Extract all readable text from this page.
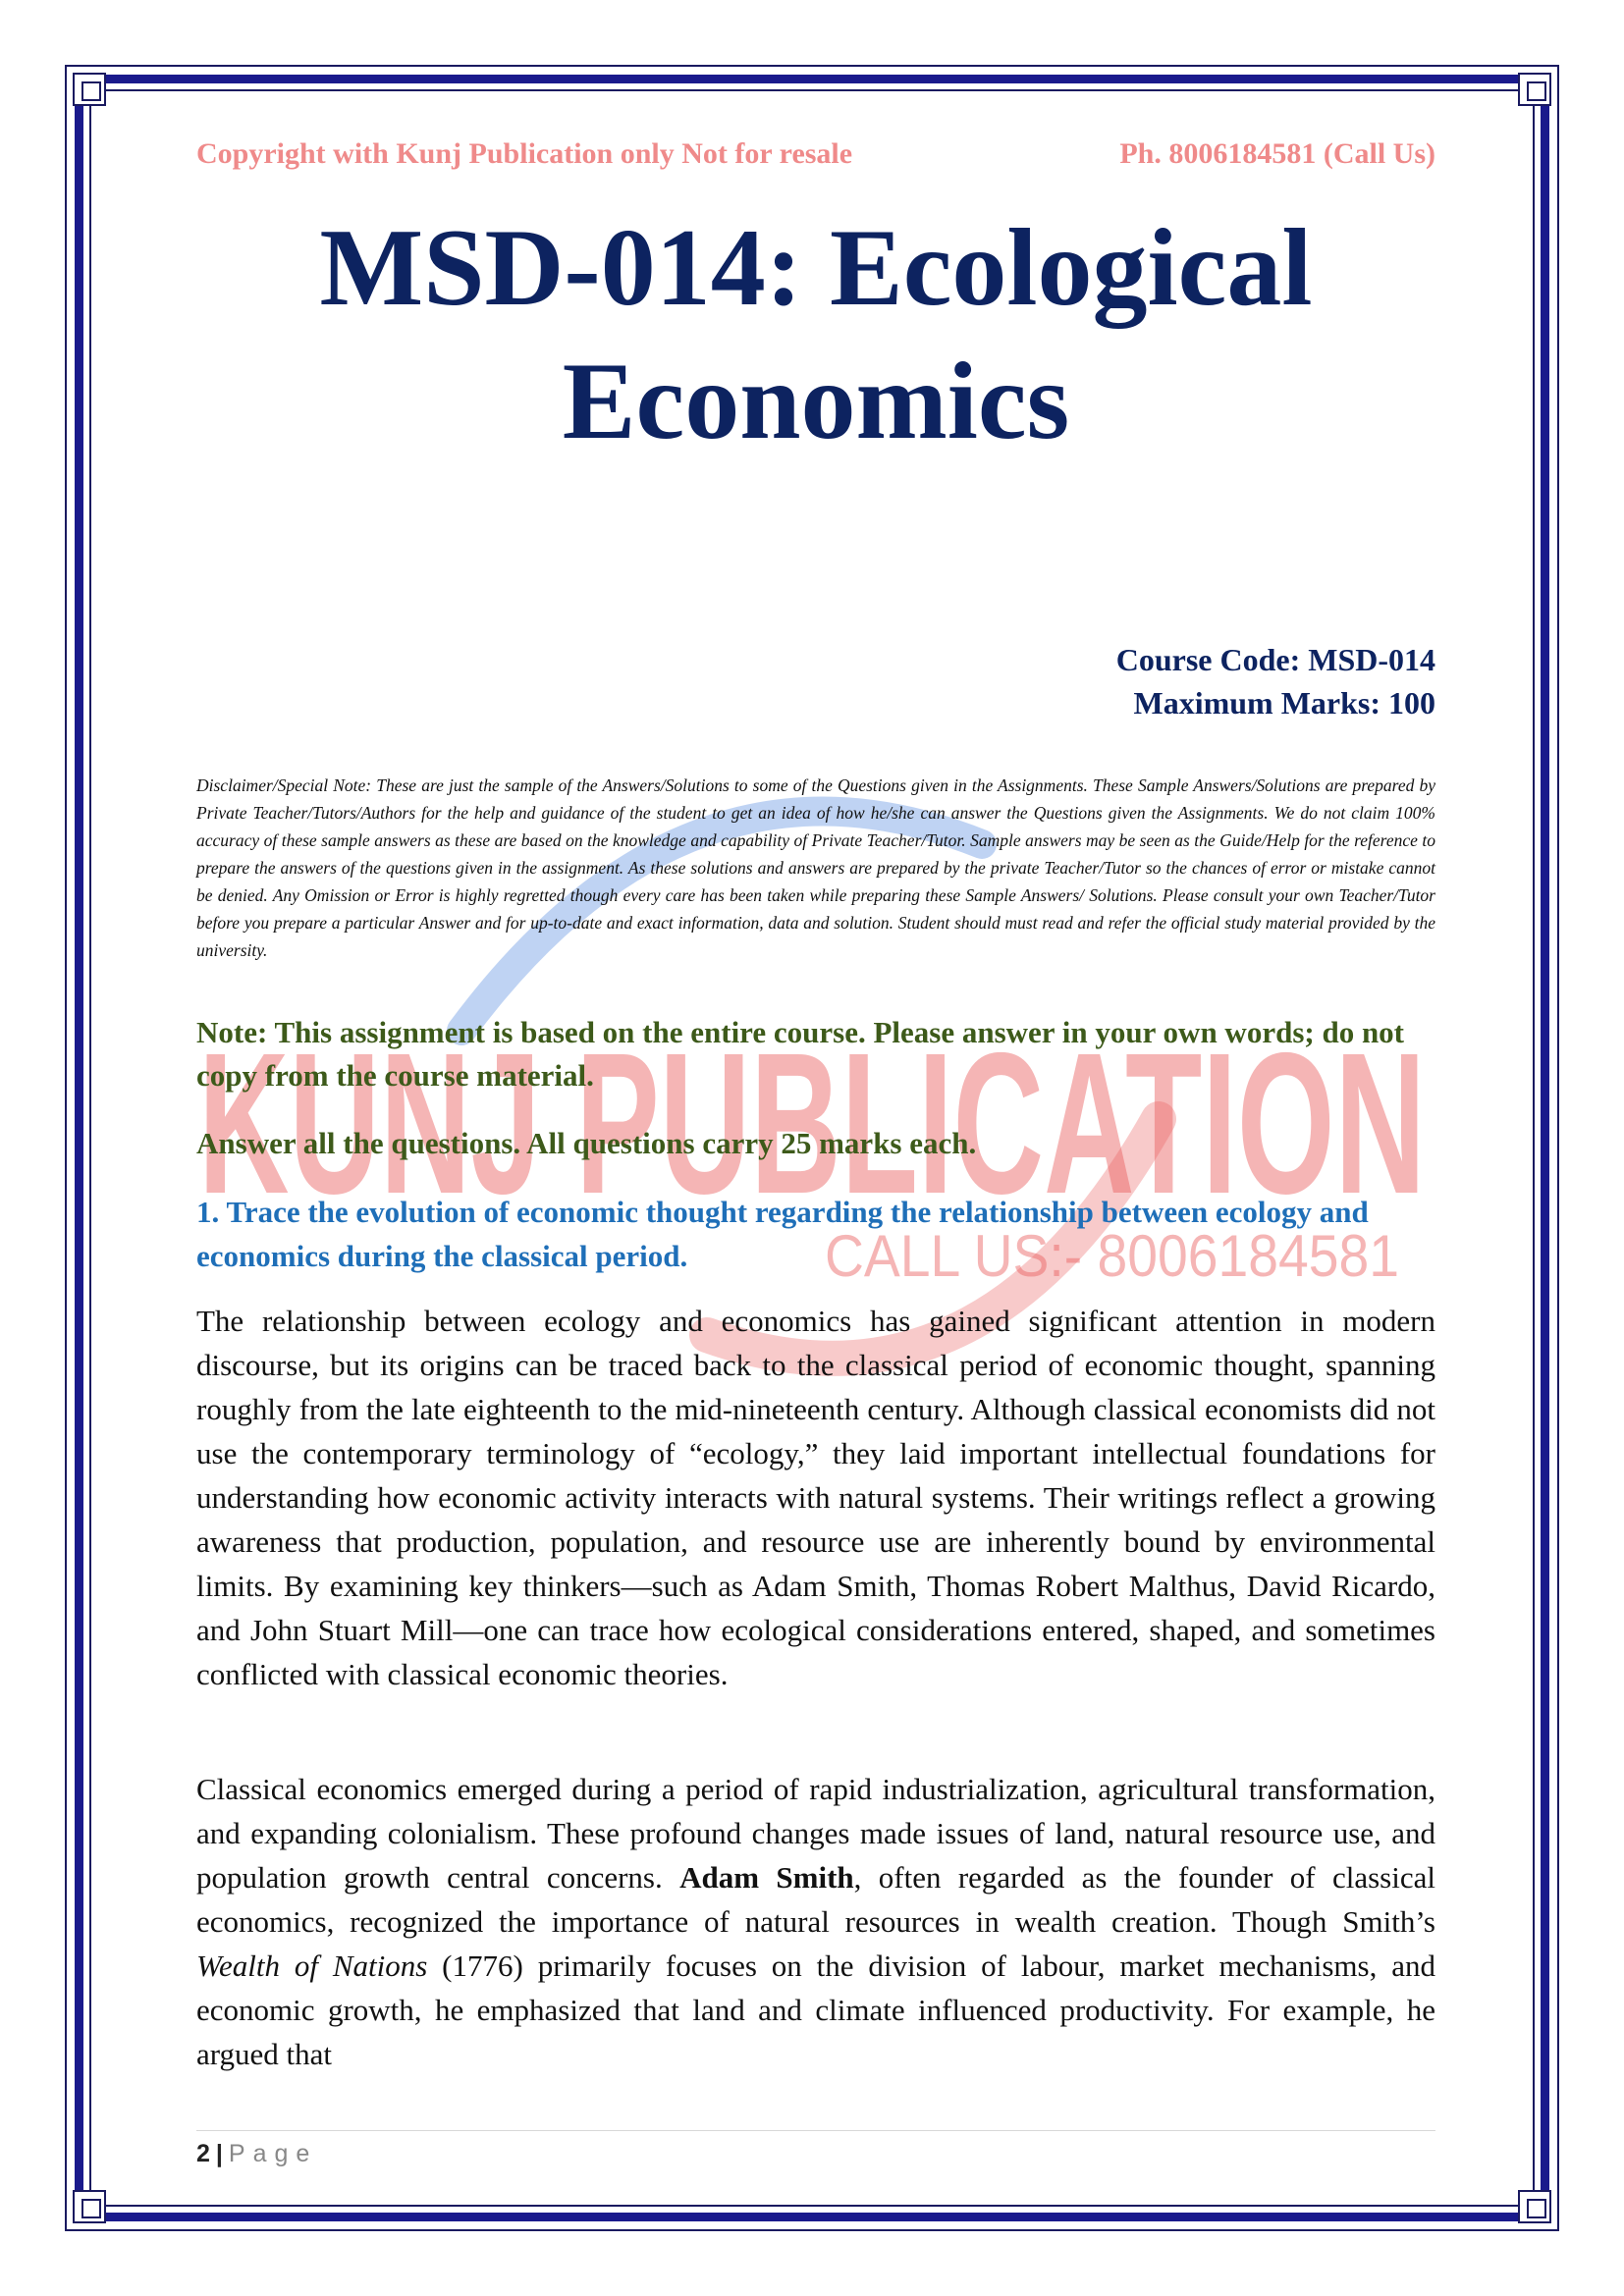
KUNJ PUBLICATION
CALL US:- 8006184581
Copyright with Kunj Publication only Not for resale	Ph. 8006184581 (Call Us)
MSD-014: Ecological
Economics
Course Code: MSD-014
Maximum Marks: 100
Disclaimer/Special Note: These are just the sample of the Answers/Solutions to some of the Questions given in the Assignments. These Sample Answers/Solutions are prepared by Private Teacher/Tutors/Authors for the help and guidance of the student to get an idea of how he/she can answer the Questions given the Assignments. We do not claim 100% accuracy of these sample answers as these are based on the knowledge and capability of Private Teacher/Tutor. Sample answers may be seen as the Guide/Help for the reference to prepare the answers of the questions given in the assignment. As these solutions and answers are prepared by the private Teacher/Tutor so the chances of error or mistake cannot be denied. Any Omission or Error is highly regretted though every care has been taken while preparing these Sample Answers/ Solutions. Please consult your own Teacher/Tutor before you prepare a particular Answer and for up-to-date and exact information, data and solution. Student should must read and refer the official study material provided by the university.
Note: This assignment is based on the entire course. Please answer in your own words; do not copy from the course material.
Answer all the questions. All questions carry 25 marks each.
1. Trace the evolution of economic thought regarding the relationship between ecology and economics during the classical period.
The relationship between ecology and economics has gained significant attention in modern discourse, but its origins can be traced back to the classical period of economic thought, spanning roughly from the late eighteenth to the mid-nineteenth century. Although classical economists did not use the contemporary terminology of “ecology,” they laid important intellectual foundations for understanding how economic activity interacts with natural systems. Their writings reflect a growing awareness that production, population, and resource use are inherently bound by environmental limits. By examining key thinkers—such as Adam Smith, Thomas Robert Malthus, David Ricardo, and John Stuart Mill—one can trace how ecological considerations entered, shaped, and sometimes conflicted with classical economic theories.
Classical economics emerged during a period of rapid industrialization, agricultural transformation, and expanding colonialism. These profound changes made issues of land, natural resource use, and population growth central concerns. Adam Smith, often regarded as the founder of classical economics, recognized the importance of natural resources in wealth creation. Though Smith’s Wealth of Nations (1776) primarily focuses on the division of labour, market mechanisms, and economic growth, he emphasized that land and climate influenced productivity. For example, he argued that
2 | Page
